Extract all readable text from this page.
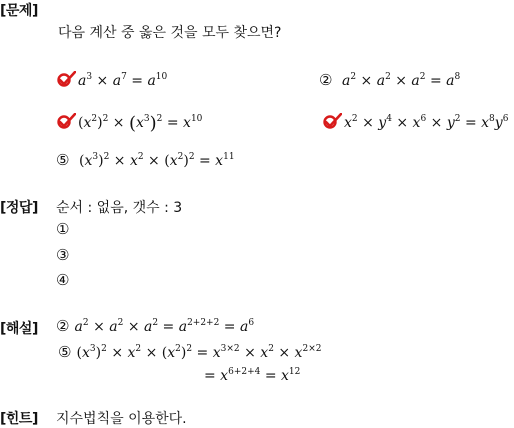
[문제]
다음 계산 중 옳은 것을 모두 찾으면?
$a^3 \times a^7 = a^{10}$	②  $a^2 \times a^2 \times a^2 = a^8$
$(x^2)^2 \times (x^3)^2 = x^{10}$	$x^2 \times y^4 \times x^6 \times y^2 = x^8y^6$
⑤ $(x^3)^2 \times x^2 \times (x^2)^2 = x^{11}$
[정답] 순서 : 없음, 갯수 : 3
①
③
④
[해설] ② $a^2 \times a^2 \times a^2 = a^{2+2+2} = a^6$
⑤ $(x^3)^2 \times x^2 \times (x^2)^2 = x^{3\times 2} \times x^2 \times x^{2\times 2}$
= $x^{6+2+4} = x^{12}$
[힌트] 지수법칙을 이용한다.
